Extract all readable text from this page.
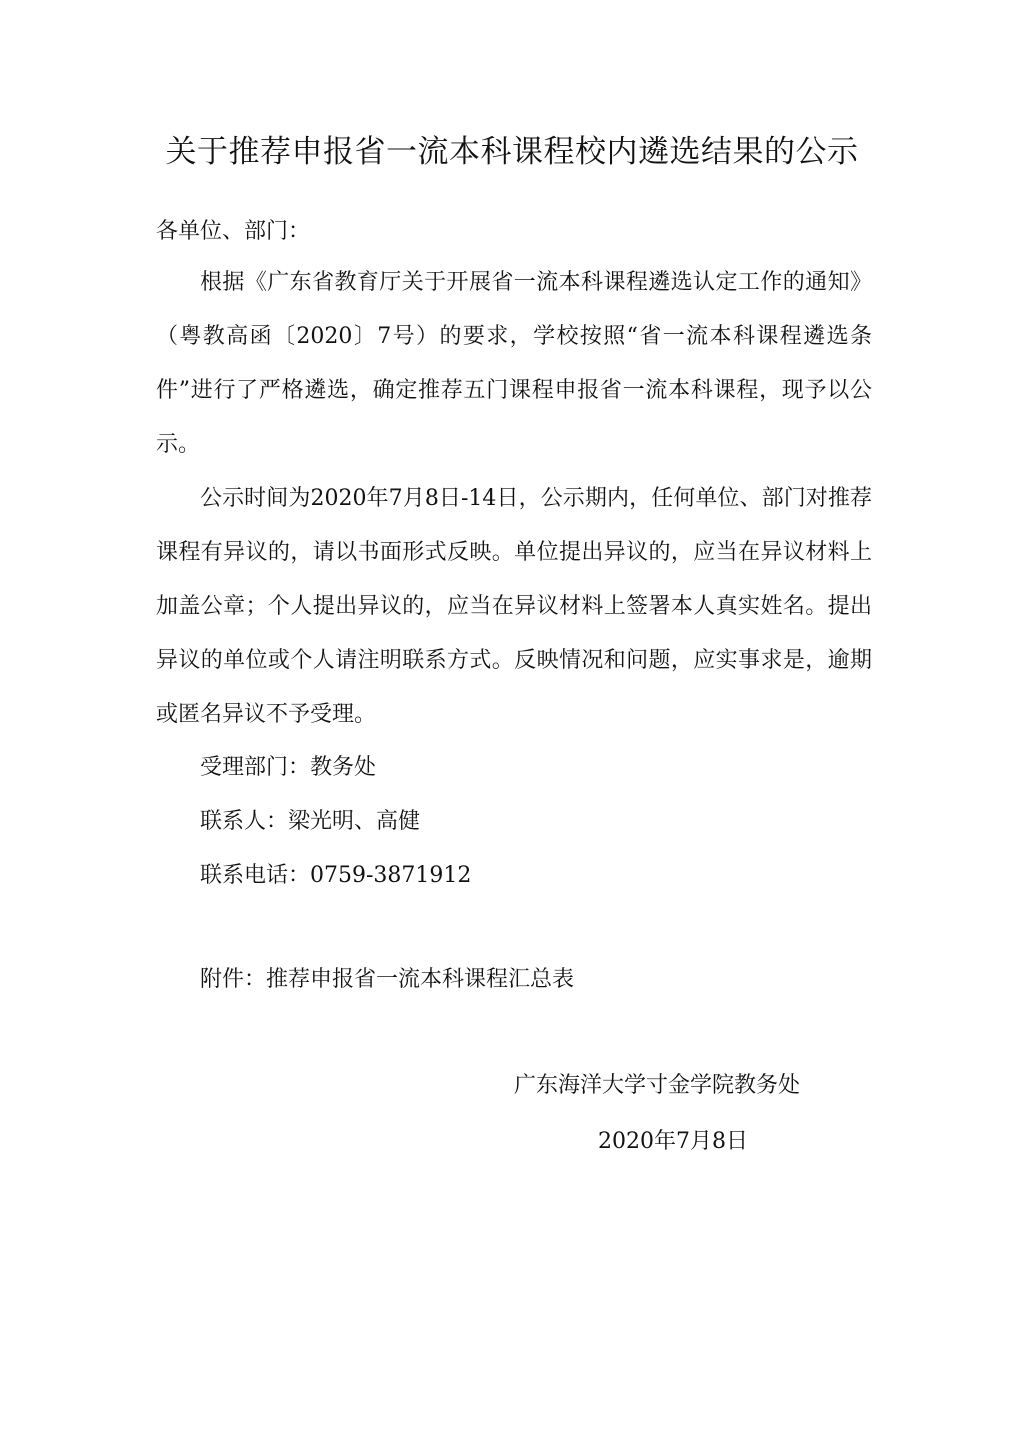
关于推荐申报省一流本科课程校内遴选结果的公示
各单位、部门：

根据《广东省教育厅关于开展省一流本科课程遴选认定工作的通知》（粤教高函〔2020〕7号）的要求，学校按照“省一流本科课程遴选条件”进行了严格遴选，确定推荐五门课程申报省一流本科课程，现予以公示。

公示时间为2020年7月8日-14日，公示期内，任何单位、部门对推荐课程有异议的，请以书面形式反映。单位提出异议的，应当在异议材料上加盖公章；个人提出异议的，应当在异议材料上签署本人真实姓名。提出异议的单位或个人请注明联系方式。反映情况和问题，应实事求是，逾期或匿名异议不予受理。

受理部门：教务处
联系人：梁光明、高健
联系电话：0759-3871912
附件：推荐申报省一流本科课程汇总表
广东海洋大学寸金学院教务处
2020年7月8日
